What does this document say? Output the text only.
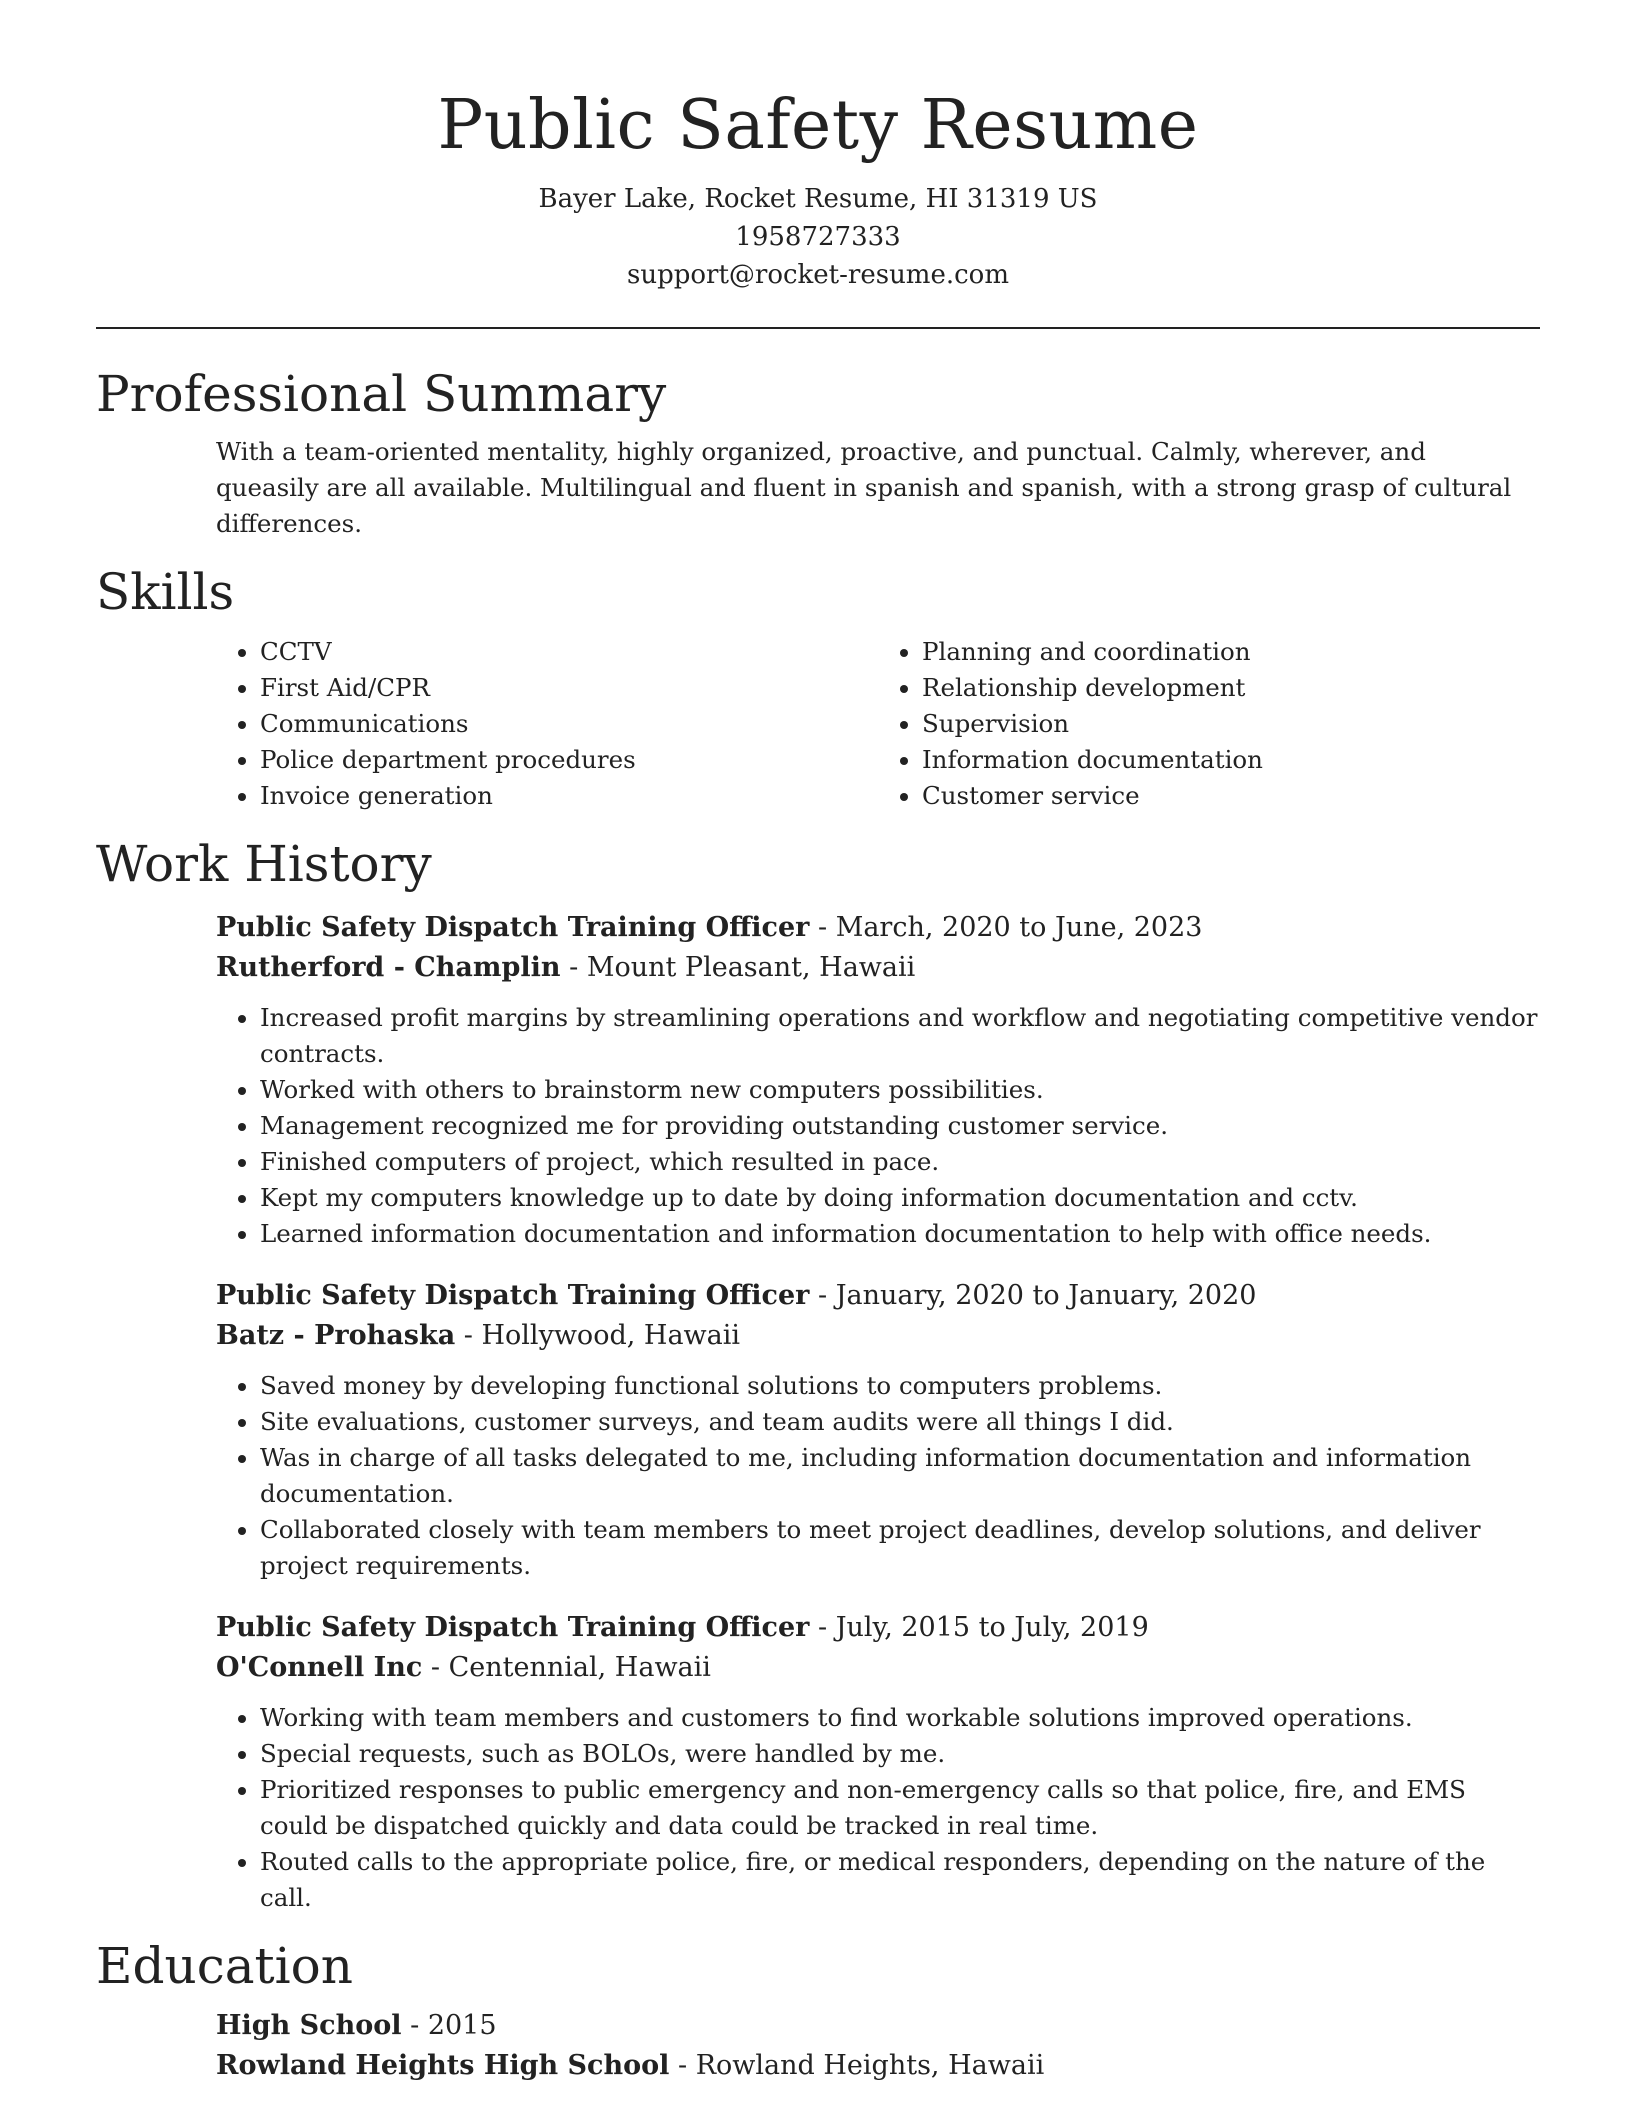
Public Safety Resume
Bayer Lake, Rocket Resume, HI 31319 US
1958727333
support@rocket-resume.com
Professional Summary

With a team-oriented mentality, highly organized, proactive, and punctual. Calmly, wherever, and queasily are all available. Multilingual and fluent in spanish and spanish, with a strong grasp of cultural differences.

Skills
• CCTV
• First Aid/CPR
• Communications
• Police department procedures
• Invoice generation
• Planning and coordination
• Relationship development
• Supervision
• Information documentation
• Customer service
Work History
Public Safety Dispatch Training Officer - March, 2020 to June, 2023
Rutherford - Champlin - Mount Pleasant, Hawaii
• Increased profit margins by streamlining operations and workflow and negotiating competitive vendor contracts.
• Worked with others to brainstorm new computers possibilities.
• Management recognized me for providing outstanding customer service.
• Finished computers of project, which resulted in pace.
• Kept my computers knowledge up to date by doing information documentation and cctv.
• Learned information documentation and information documentation to help with office needs.
Public Safety Dispatch Training Officer - January, 2020 to January, 2020
Batz - Prohaska - Hollywood, Hawaii
• Saved money by developing functional solutions to computers problems.
• Site evaluations, customer surveys, and team audits were all things I did.
• Was in charge of all tasks delegated to me, including information documentation and information documentation.
• Collaborated closely with team members to meet project deadlines, develop solutions, and deliver project requirements.
Public Safety Dispatch Training Officer - July, 2015 to July, 2019
O'Connell Inc - Centennial, Hawaii
• Working with team members and customers to find workable solutions improved operations.
• Special requests, such as BOLOs, were handled by me.
• Prioritized responses to public emergency and non-emergency calls so that police, fire, and EMS could be dispatched quickly and data could be tracked in real time.
• Routed calls to the appropriate police, fire, or medical responders, depending on the nature of the call.
Education
High School - 2015
Rowland Heights High School - Rowland Heights, Hawaii
